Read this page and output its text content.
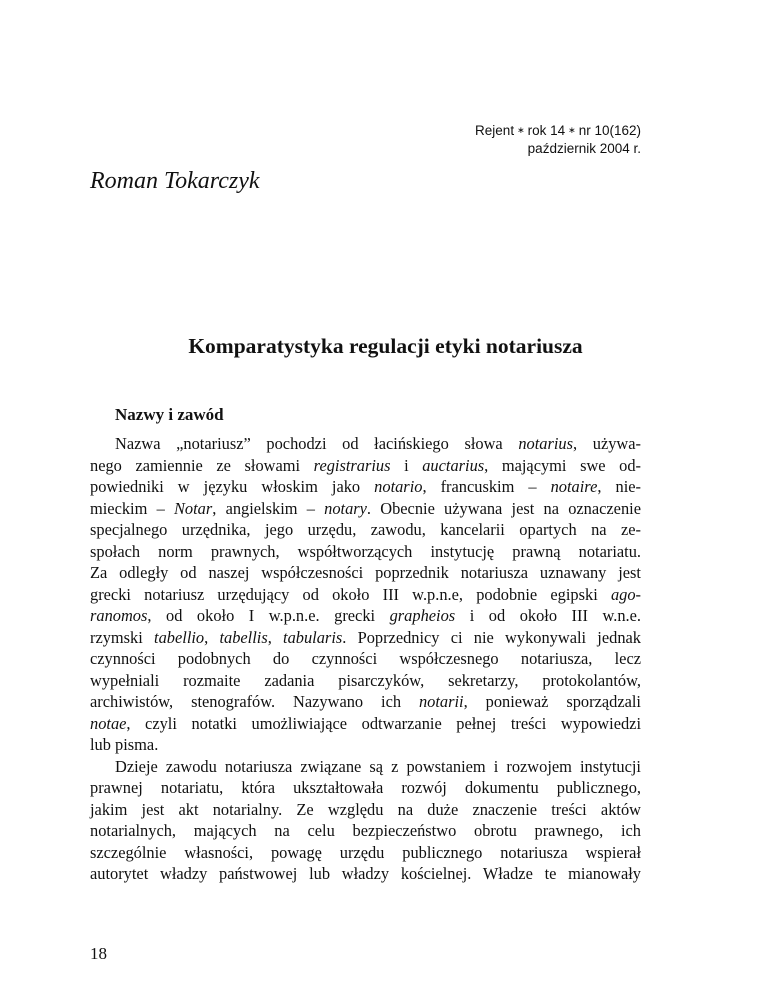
Rejent ∗ rok 14 ∗ nr 10(162)
październik 2004 r.
Roman Tokarczyk
Komparatystyka regulacji etyki notariusza
Nazwy i zawód
Nazwa „notariusz” pochodzi od łacińskiego słowa notarius, używa-
nego zamiennie ze słowami registrarius i auctarius, mającymi swe od-
powiedniki w języku włoskim jako notario, francuskim – notaire, nie-
mieckim – Notar, angielskim – notary. Obecnie używana jest na oznaczenie
specjalnego urzędnika, jego urzędu, zawodu, kancelarii opartych na ze-
społach norm prawnych, współtworzących instytucję prawną notariatu.
Za odległy od naszej współczesności poprzednik notariusza uznawany jest
grecki notariusz urzędujący od około III w.p.n.e, podobnie egipski ago-
ranomos, od około I w.p.n.e. grecki grapheios i od około III w.n.e.
rzymski tabellio, tabellis, tabularis. Poprzednicy ci nie wykonywali jednak
czynności podobnych do czynności współczesnego notariusza, lecz
wypełniali rozmaite zadania pisarczyków, sekretarzy, protokolantów,
archiwistów, stenografów. Nazywano ich notarii, ponieważ sporządzali
notae, czyli notatki umożliwiające odtwarzanie pełnej treści wypowiedzi
lub pisma.
Dzieje zawodu notariusza związane są z powstaniem i rozwojem instytucji
prawnej notariatu, która ukształtowała rozwój dokumentu publicznego,
jakim jest akt notarialny. Ze względu na duże znaczenie treści aktów
notarialnych, mających na celu bezpieczeństwo obrotu prawnego, ich
szczególnie własności, powagę urzędu publicznego notariusza wspierał
autorytet władzy państwowej lub władzy kościelnej. Władze te mianowały
18
